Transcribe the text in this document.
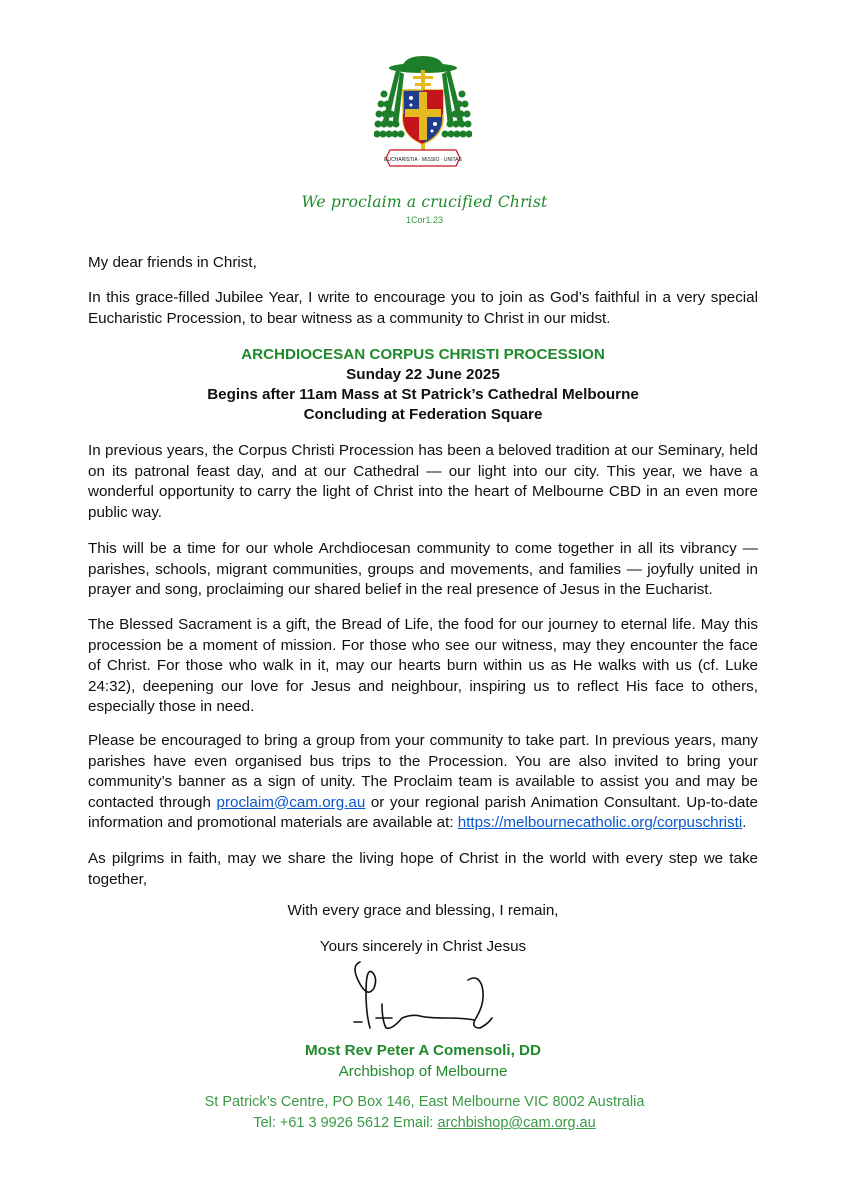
EUCHARISTIA · MISSIO · UNITAS
We proclaim a crucified Christ
1Cor1.23
My dear friends in Christ,
In this grace-filled Jubilee Year, I write to encourage you to join as God’s faithful in a very special Eucharistic Procession, to bear witness as a community to Christ in our midst.
ARCHDIOCESAN CORPUS CHRISTI PROCESSION
Sunday 22 June 2025
Begins after 11am Mass at St Patrick’s Cathedral Melbourne
Concluding at Federation Square
In previous years, the Corpus Christi Procession has been a beloved tradition at our Seminary, held on its patronal feast day, and at our Cathedral — our light into our city. This year, we have a wonderful opportunity to carry the light of Christ into the heart of Melbourne CBD in an even more public way.
This will be a time for our whole Archdiocesan community to come together in all its vibrancy — parishes, schools, migrant communities, groups and movements, and families — joyfully united in prayer and song, proclaiming our shared belief in the real presence of Jesus in the Eucharist.
The Blessed Sacrament is a gift, the Bread of Life, the food for our journey to eternal life. May this procession be a moment of mission. For those who see our witness, may they encounter the face of Christ. For those who walk in it, may our hearts burn within us as He walks with us (cf. Luke 24:32), deepening our love for Jesus and neighbour, inspiring us to reflect His face to others, especially those in need.
Please be encouraged to bring a group from your community to take part. In previous years, many parishes have even organised bus trips to the Procession. You are also invited to bring your community’s banner as a sign of unity. The Proclaim team is available to assist you and may be contacted through proclaim@cam.org.au or your regional parish Animation Consultant. Up-to-date information and promotional materials are available at: https://melbournecatholic.org/corpuschristi.
As pilgrims in faith, may we share the living hope of Christ in the world with every step we take together,
With every grace and blessing, I remain,
Yours sincerely in Christ Jesus
Most Rev Peter A Comensoli, DD
Archbishop of Melbourne
St Patrick’s Centre, PO Box 146, East Melbourne VIC 8002 Australia
Tel: +61 3 9926 5612 Email: archbishop@cam.org.au
